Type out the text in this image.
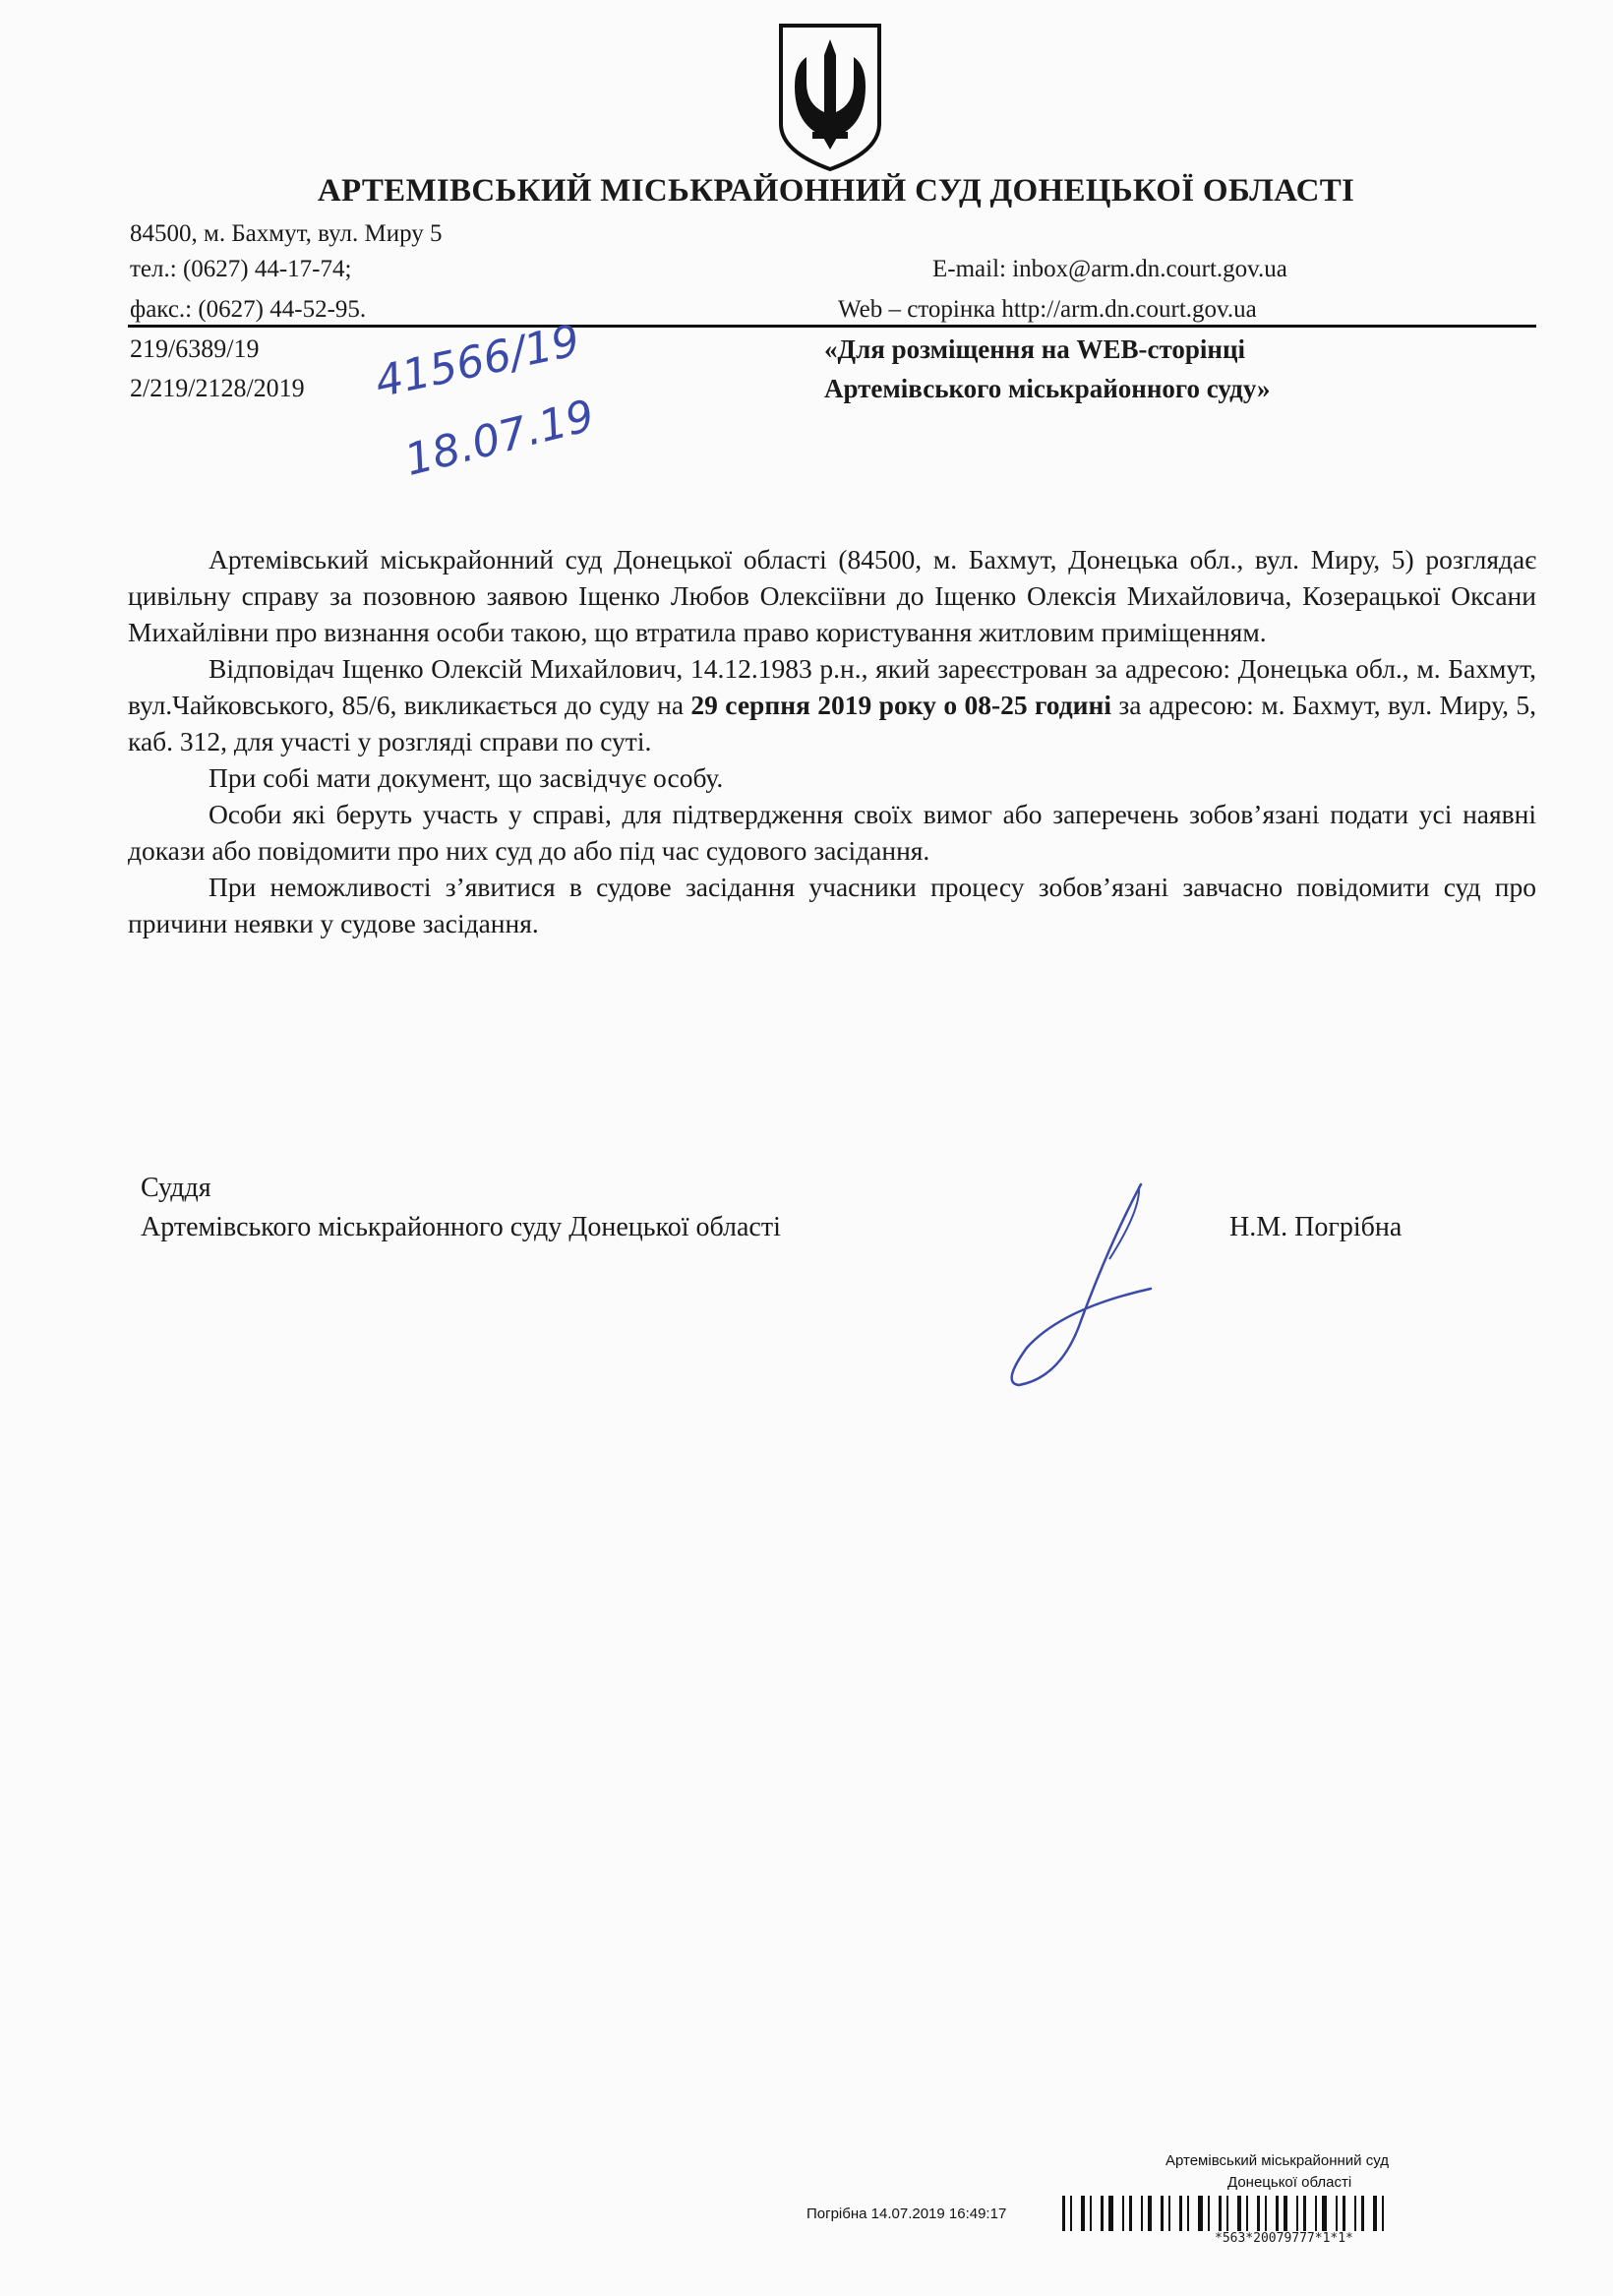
АРТЕМІВСЬКИЙ МІСЬКРАЙОННИЙ СУД ДОНЕЦЬКОЇ ОБЛАСТІ
84500, м. Бахмут, вул. Миру 5
тел.: (0627) 44-17-74;
факс.: (0627) 44-52-95.
E-mail: inbox@arm.dn.court.gov.ua
Web – сторінка http://arm.dn.court.gov.ua
219/6389/19
2/219/2128/2019 41566/19
18.07.19
«Для розміщення на WEB-сторінці
Артемівського міськрайонного суду»

Артемівський міськрайонний суд Донецької області (84500, м. Бахмут, Донецька обл., вул. Миру, 5) розглядає цивільну справу за позовною заявою Іщенко Любов Олексіївни до Іщенко Олексія Михайловича, Козерацької Оксани Михайлівни про визнання особи такою, що втратила право користування житловим приміщенням.

Відповідач Іщенко Олексій Михайлович, 14.12.1983 р.н., який зареєстрован за адресою: Донецька обл., м. Бахмут, вул.Чайковського, 85/6, викликається до суду на 29 серпня 2019 року о 08-25 годині за адресою: м. Бахмут, вул. Миру, 5, каб. 312, для участі у розгляді справи по суті.

При собі мати документ, що засвідчує особу.

Особи які беруть участь у справі, для підтвердження своїх вимог або заперечень зобов’язані подати усі наявні докази або повідомити про них суд до або під час судового засідання.

При неможливості з’явитися в судове засідання учасники процесу зобов’язані завчасно повідомити суд про причини неявки у судове засідання.

Суддя
Артемівського міськрайонного суду Донецької області	Н.М. Погрібна
Артемівський міськрайонний суд
Донецької області
Погрібна 14.07.2019 16:49:17

*563*20079777*1*1*
